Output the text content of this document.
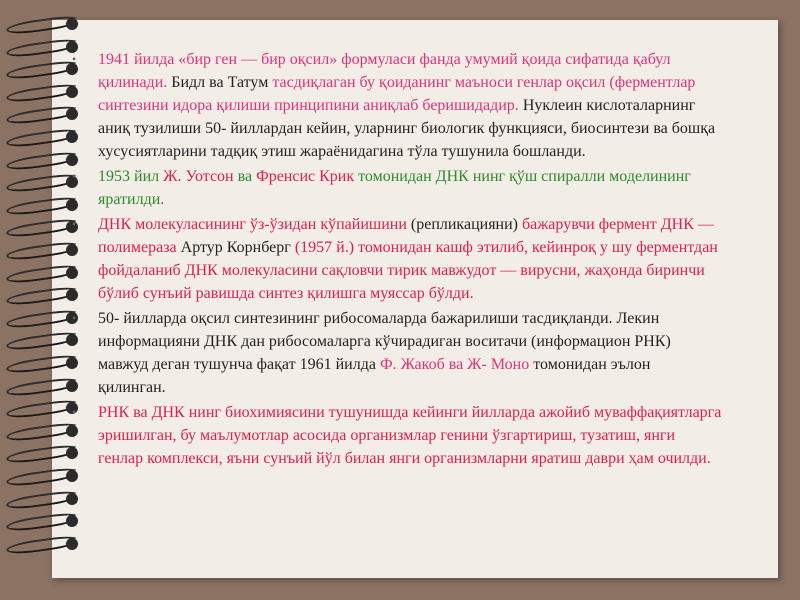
• 1941 йилда «бир ген — бир оқсил» формуласи фанда умумий қоида сифатида қабул қилинади. Бидл ва Татум тасдиқлаган бу қоиданинг маъноси генлар оқсил (ферментлар синтезини идора қилиши принципини аниқлаб беришидадир. Нуклеин кислоталарнинг аниқ тузилиши 50- йиллардан кейин, уларнинг биологик функцияси, биосинтези ва бошқа хусусиятларини тадқиқ этиш жараёнидагина тўла тушунила бошланди.
• 1953 йил Ж. Уотсон ва Френсис Крик томонидан ДНК нинг қўш спиралли моделининг яратилди.
• ДНК молекуласининг ўз-ўзидан кўпайишини (репликацияни) бажарувчи фермент ДНК — полимераза Артур Корнберг (1957 й.) томонидан кашф этилиб, кейинроқ у шу ферментдан фойдаланиб ДНК молекуласини сақловчи тирик мавжудот — вирусни, жаҳонда биринчи бўлиб сунъий равишда синтез қилишга муяссар бўлди.
• 50- йилларда оқсил синтезининг рибосомаларда бажарилиши тасдиқланди. Лекин информацияни ДНК дан рибосомаларга кўчирадиган воситачи (информацион РНК) мавжуд деган тушунча фақат 1961 йилда Ф. Жакоб ва Ж- Моно томонидан эълон қилинган.
• РНК ва ДНК нинг биохимиясини тушунишда кейинги йилларда ажойиб муваффақиятларга эришилган, бу маълумотлар асосида организмлар генини ўзгартириш, тузатиш, янги генлар комплекси, яъни сунъий йўл билан янги организмларни яратиш даври ҳам очилди.
